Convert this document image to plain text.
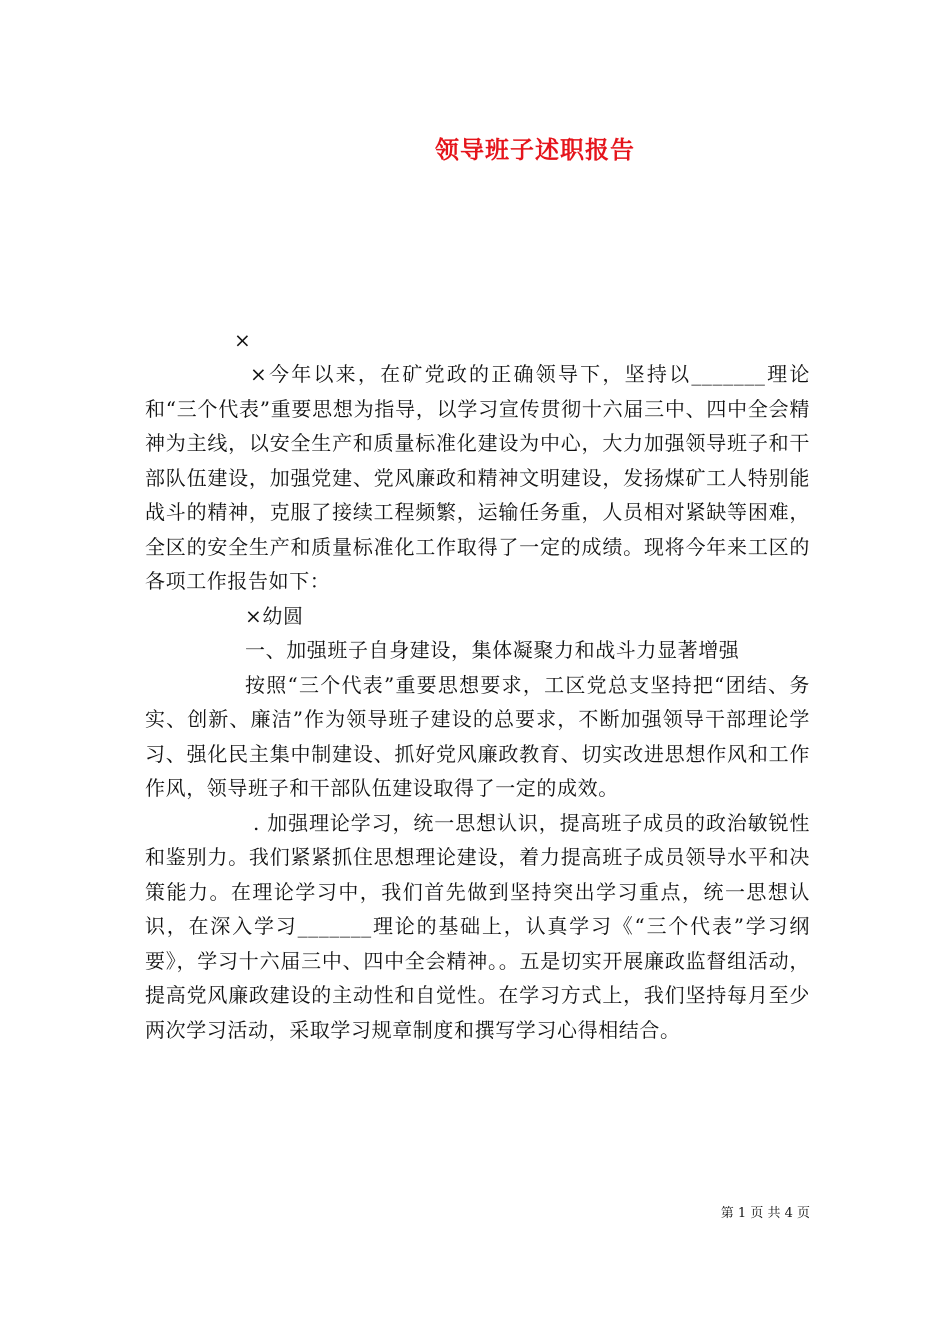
领导班子述职报告
×

×今年以来，在矿党政的正确领导下，坚持以_______理论和“三个代表”重要思想为指导，以学习宣传贯彻十六届三中、四中全会精神为主线，以安全生产和质量标准化建设为中心，大力加强领导班子和干部队伍建设，加强党建、党风廉政和精神文明建设，发扬煤矿工人特别能战斗的精神，克服了接续工程频繁，运输任务重，人员相对紧缺等困难，全区的安全生产和质量标准化工作取得了一定的成绩。现将今年来工区的各项工作报告如下：

×幼圆

一、加强班子自身建设，集体凝聚力和战斗力显著增强

按照“三个代表”重要思想要求，工区党总支坚持把“团结、务实、创新、廉洁”作为领导班子建设的总要求，不断加强领导干部理论学习、强化民主集中制建设、抓好党风廉政教育、切实改进思想作风和工作作风，领导班子和干部队伍建设取得了一定的成效。

. 加强理论学习，统一思想认识，提高班子成员的政治敏锐性和鉴别力。我们紧紧抓住思想理论建设，着力提高班子成员领导水平和决策能力。在理论学习中，我们首先做到坚持突出学习重点，统一思想认识，在深入学习_______理论的基础上，认真学习《“三个代表”学习纲要》，学习十六届三中、四中全会精神。。五是切实开展廉政监督组活动，提高党风廉政建设的主动性和自觉性。在学习方式上，我们坚持每月至少两次学习活动，采取学习规章制度和撰写学习心得相结合。

第 1 页 共 4 页
